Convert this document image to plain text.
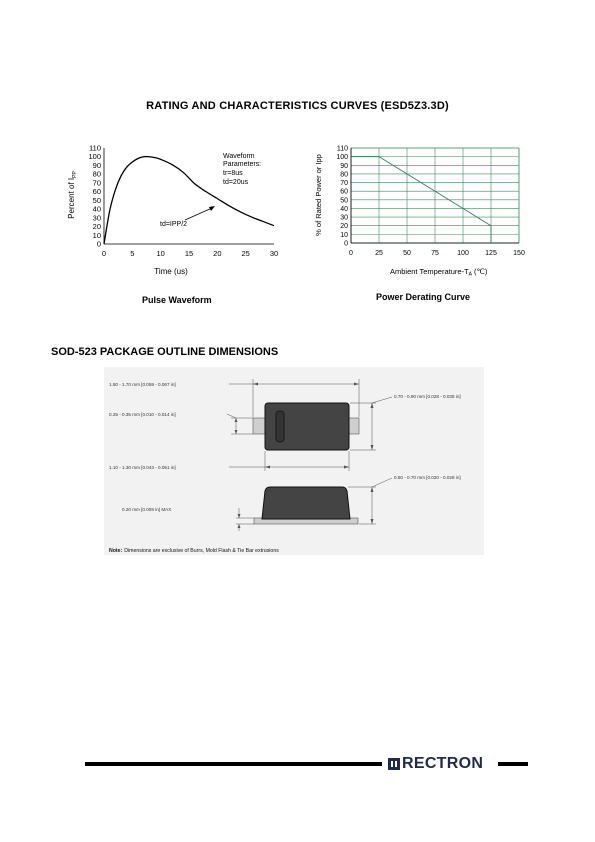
RATING AND CHARACTERISTICS CURVES (ESD5Z3.3D)
0
10
20
30
40
50
60
70
80
90
100
110
0	5	10	15	20	25	30
Percent of $I_{PP}$
Time (us)
Waveform
Parameters:
tr=8us
td=20us
td=IPP/2
Pulse Waveform
0
10
20
30
40
50
60
70
80
90
100
110
0	25	50	75	100 125 150
% of Rated Power or Ipp
Ambient Temperature-$T_A$ (℃)
Power Derating Curve
SOD-523 PACKAGE OUTLINE DIMENSIONS
1.50 - 1.70 mm [0.059 - 0.067 in]
0.25 - 0.35 mm [0.010 - 0.014 in]
1.10 - 1.30 mm [0.043 - 0.051 in]
0.70 - 0.90 mm [0.028 - 0.035 in]
0.50 - 0.70 mm [0.020 - 0.028 in]
0.20 mm [0.008 in] MAX
Note: Dimensions are exclusive of Burrs, Mold Flash & Tie Bar extrusions
RECTRON
